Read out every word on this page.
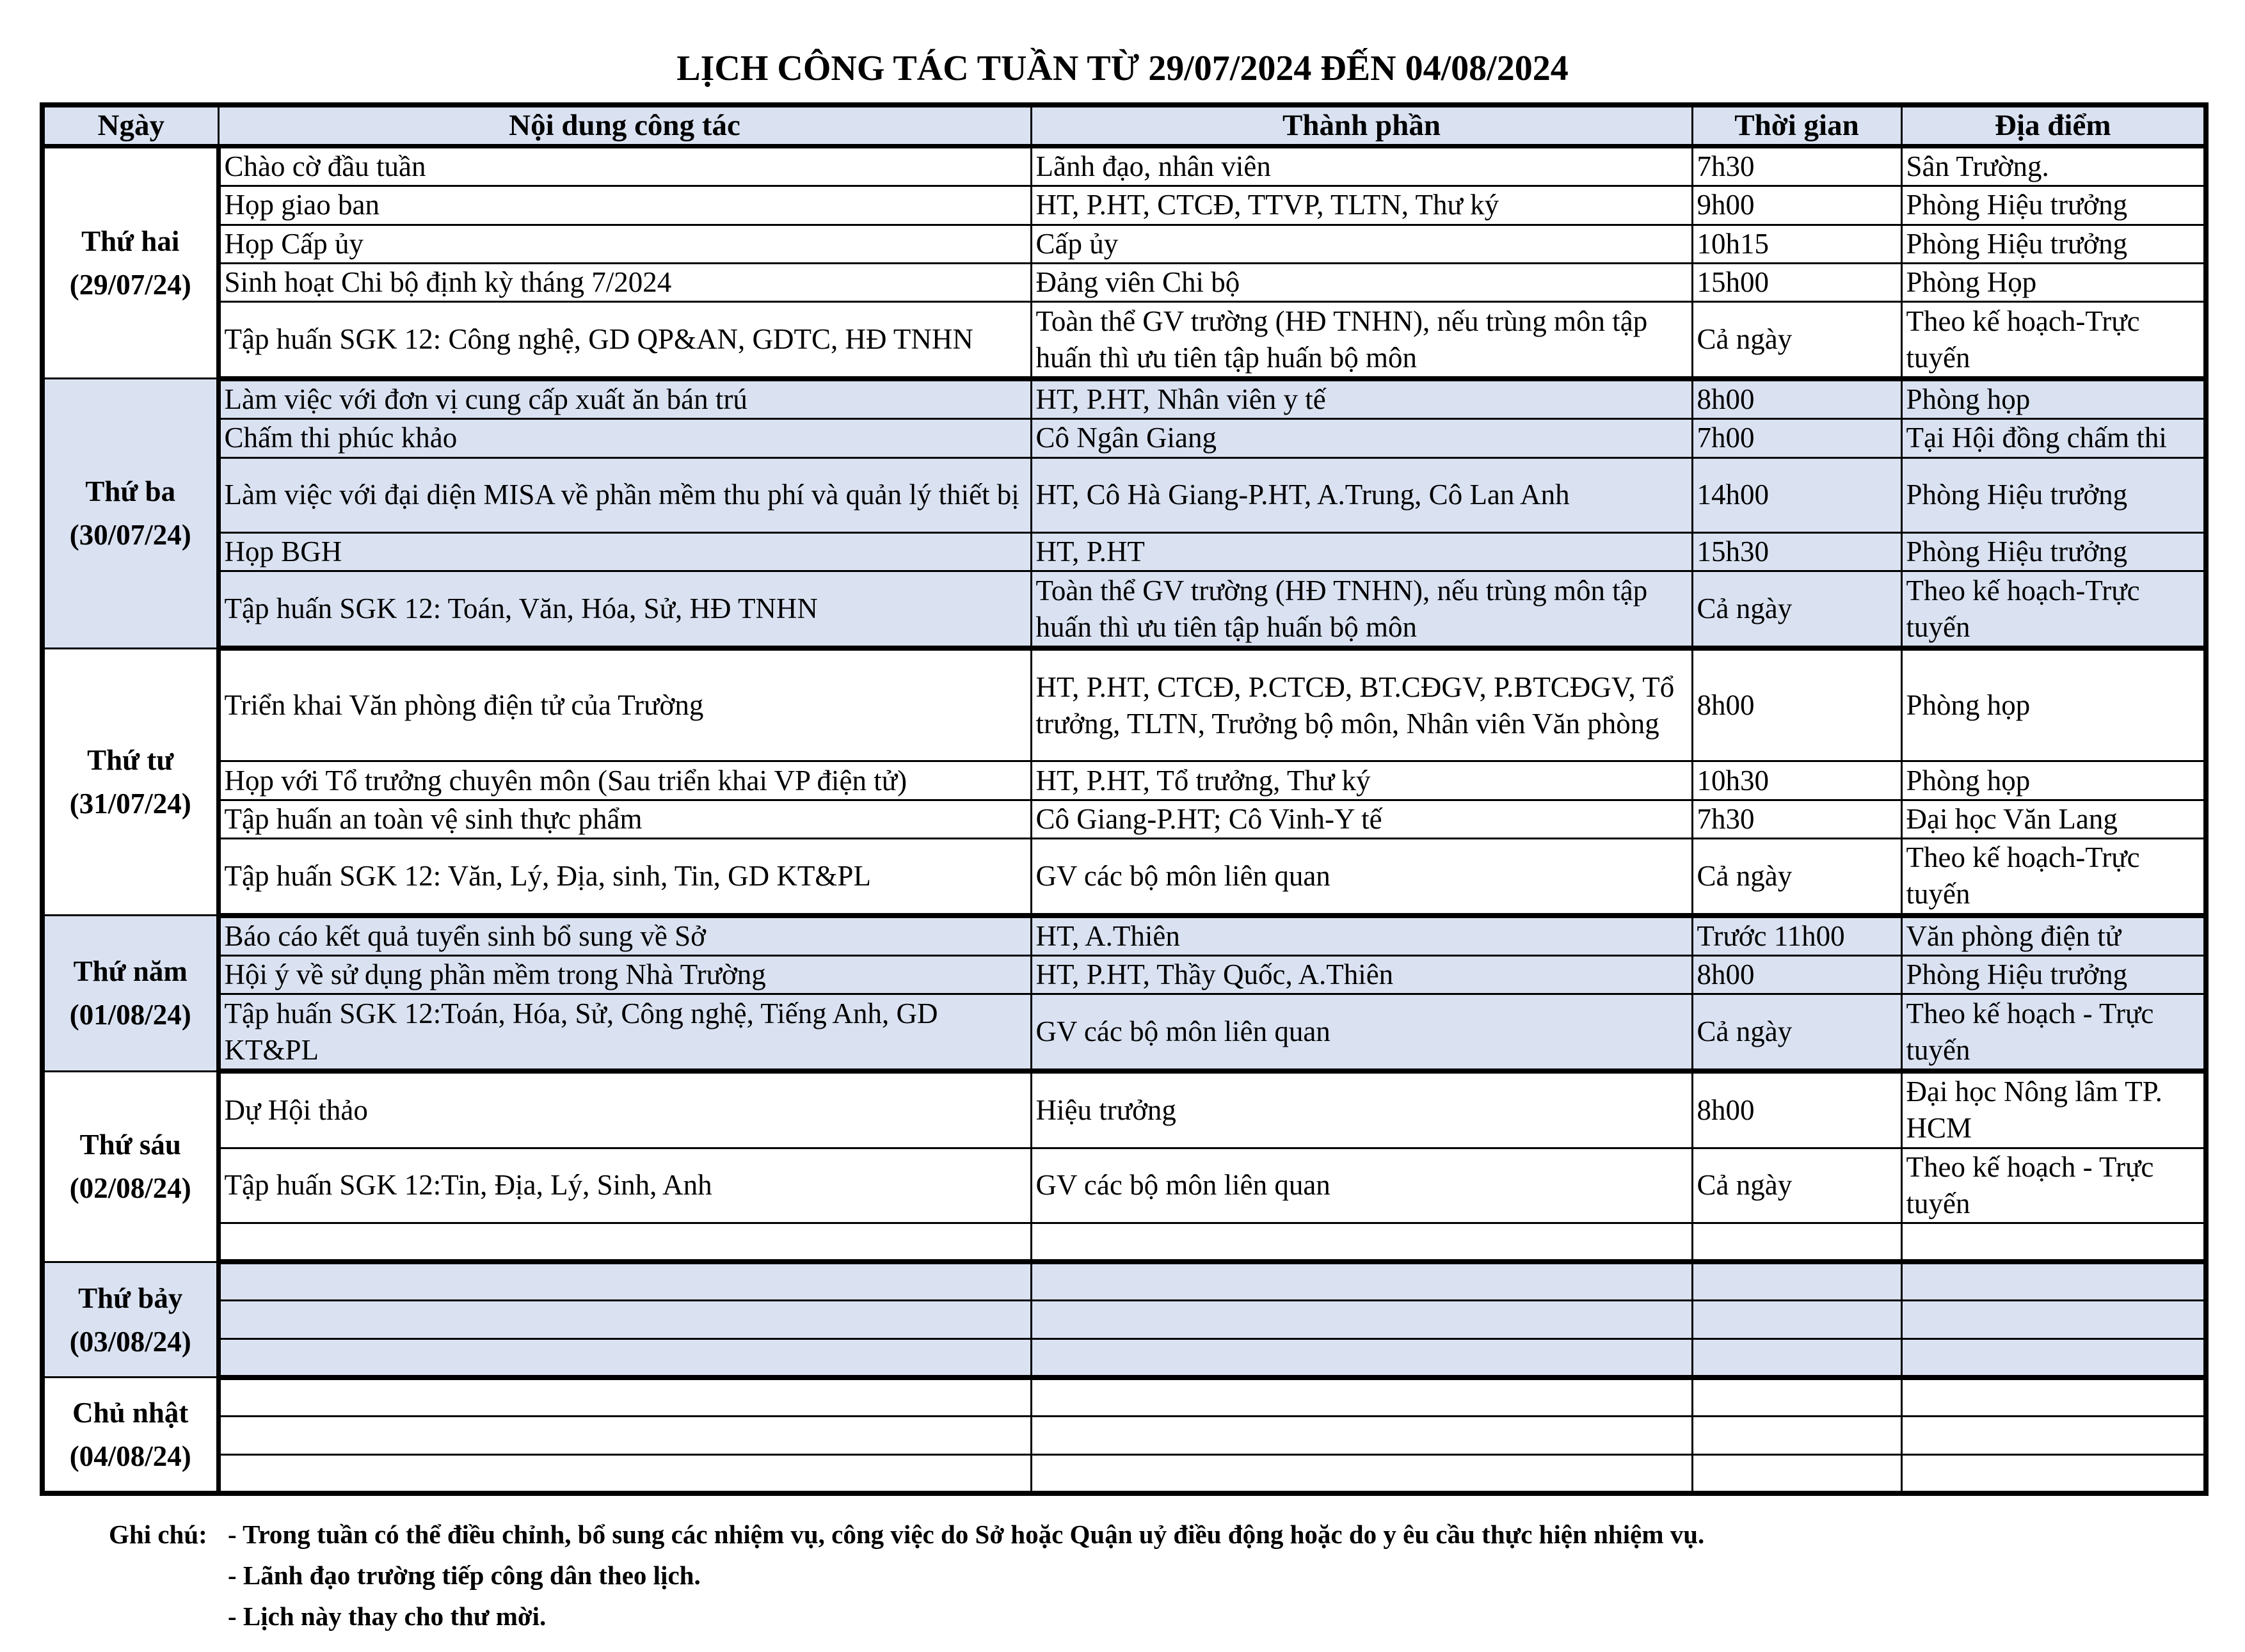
LỊCH CÔNG TÁC TUẦN TỪ 29/07/2024 ĐẾN 04/08/2024
Ngày	Nội dung công tác	Thành phần	Thời gian	Địa điểm

Thứ hai
(29/07/24)	Chào cờ đầu tuần	Lãnh đạo, nhân viên	7h30	Sân Trường.
	Họp giao ban	HT, P.HT, CTCĐ, TTVP, TLTN, Thư ký	9h00	Phòng Hiệu trưởng
	Họp Cấp ủy	Cấp ủy	10h15	Phòng Hiệu trưởng
	Sinh hoạt Chi bộ định kỳ tháng 7/2024	Đảng viên Chi bộ	15h00	Phòng Họp
	Tập huấn SGK 12: Công nghệ, GD QP&AN, GDTC, HĐ TNHN	Toàn thể GV trường (HĐ TNHN), nếu trùng môn tập huấn thì ưu tiên tập huấn bộ môn	Cả ngày	Theo kế hoạch-Trực tuyến

Thứ ba
(30/07/24)	Làm việc với đơn vị cung cấp xuất ăn bán trú	HT, P.HT, Nhân viên y tế	8h00	Phòng họp
	Chấm thi phúc khảo	Cô Ngân Giang	7h00	Tại Hội đồng chấm thi
	Làm việc với đại diện MISA về phần mềm thu phí và quản lý thiết bị	HT, Cô Hà Giang-P.HT, A.Trung, Cô Lan Anh	14h00	Phòng Hiệu trưởng
	Họp BGH	HT, P.HT	15h30	Phòng Hiệu trưởng
	Tập huấn SGK 12: Toán, Văn, Hóa, Sử, HĐ TNHN	Toàn thể GV trường (HĐ TNHN), nếu trùng môn tập huấn thì ưu tiên tập huấn bộ môn	Cả ngày	Theo kế hoạch-Trực tuyến

Thứ tư
(31/07/24)	Triển khai Văn phòng điện tử của Trường	HT, P.HT, CTCĐ, P.CTCĐ, BT.CĐGV, P.BTCĐGV, Tổ trưởng, TLTN, Trưởng bộ môn, Nhân viên Văn phòng	8h00	Phòng họp
	Họp với Tổ trưởng chuyên môn (Sau triển khai VP điện tử)	HT, P.HT, Tổ trưởng, Thư ký	10h30	Phòng họp
	Tập huấn an toàn vệ sinh thực phẩm	Cô Giang-P.HT; Cô Vinh-Y tế	7h30	Đại học Văn Lang
	Tập huấn SGK 12: Văn, Lý, Địa, sinh, Tin, GD KT&PL	GV các bộ môn liên quan	Cả ngày	Theo kế hoạch-Trực tuyến

Thứ năm
(01/08/24)	Báo cáo kết quả tuyển sinh bổ sung về Sở	HT, A.Thiên	Trước 11h00	Văn phòng điện tử
	Hội ý về sử dụng phần mềm trong Nhà Trường	HT, P.HT, Thầy Quốc, A.Thiên	8h00	Phòng Hiệu trưởng
	Tập huấn SGK 12:Toán, Hóa, Sử, Công nghệ, Tiếng Anh, GD KT&PL	GV các bộ môn liên quan	Cả ngày	Theo kế hoạch - Trực tuyến

Thứ sáu
(02/08/24)	Dự Hội thảo	Hiệu trưởng	8h00	Đại học Nông lâm TP. HCM
	Tập huấn SGK 12:Tin, Địa, Lý, Sinh, Anh	GV các bộ môn liên quan	Cả ngày	Theo kế hoạch - Trực tuyến

Thứ bảy
(03/08/24)				

Chủ nhật
(04/08/24)				

Ghi chú: - Trong tuần có thể điều chỉnh, bổ sung các nhiệm vụ, công việc do Sở hoặc Quận uỷ điều động hoặc do y êu cầu thực hiện nhiệm vụ.
- Lãnh đạo trường tiếp công dân theo lịch.
- Lịch này thay cho thư mời.
